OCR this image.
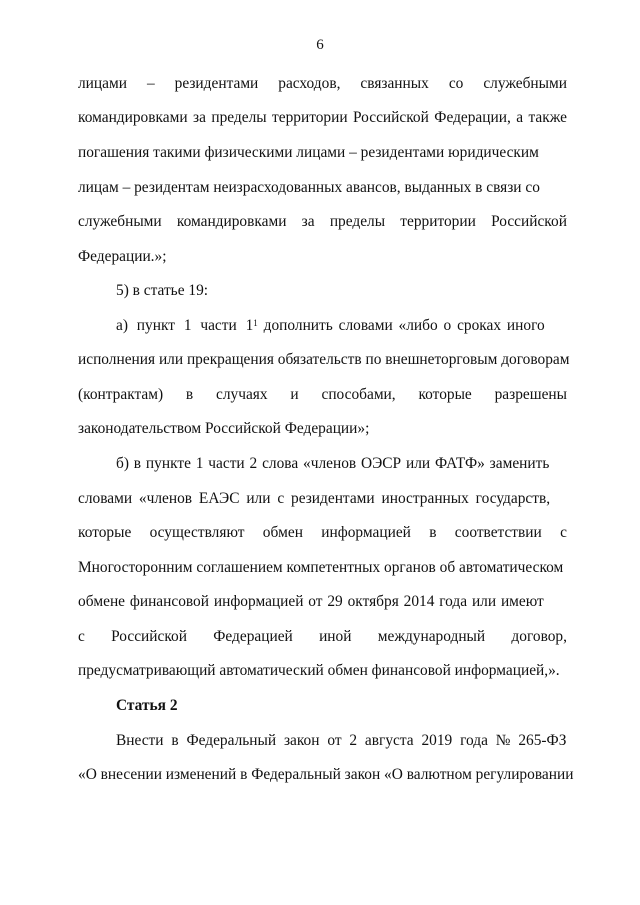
6
лицами – резидентами расходов, связанных со служебными
командировками за пределы территории Российской Федерации, а также
погашения такими физическими лицами – резидентами юридическим
лицам – резидентам неизрасходованных авансов, выданных в связи со
служебными командировками за пределы территории Российской
Федерации.»;
5) в статье 19:
а) пункт 1 части $1^1$ дополнить словами «либо о сроках иного
исполнения или прекращения обязательств по внешнеторговым договорам
(контрактам) в случаях и способами, которые разрешены
законодательством Российской Федерации»;
б) в пункте 1 части 2 слова «членов ОЭСР или ФАТФ» заменить
словами «членов ЕАЭС или с резидентами иностранных государств,
которые осуществляют обмен информацией в соответствии с
Многосторонним соглашением компетентных органов об автоматическом
обмене финансовой информацией от 29 октября 2014 года или имеют
с Российской Федерацией иной международный договор,
предусматривающий автоматический обмен финансовой информацией,».
Статья 2
Внести в Федеральный закон от 2 августа 2019 года № 265-ФЗ
«О внесении изменений в Федеральный закон «О валютном регулировании
